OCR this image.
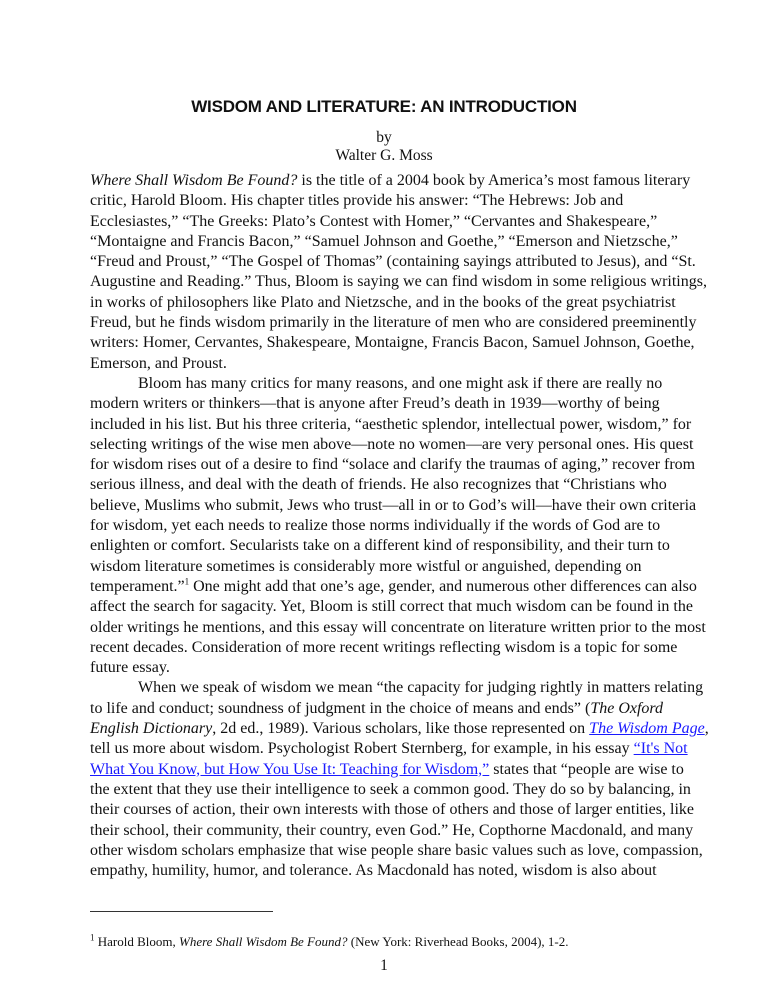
WISDOM AND LITERATURE: AN INTRODUCTION
by
Walter G. Moss
Where Shall Wisdom Be Found? is the title of a 2004 book by America’s most famous literary
critic, Harold Bloom. His chapter titles provide his answer: “The Hebrews: Job and
Ecclesiastes,” “The Greeks: Plato’s Contest with Homer,” “Cervantes and Shakespeare,”
“Montaigne and Francis Bacon,” “Samuel Johnson and Goethe,” “Emerson and Nietzsche,”
“Freud and Proust,” “The Gospel of Thomas” (containing sayings attributed to Jesus), and “St.
Augustine and Reading.” Thus, Bloom is saying we can find wisdom in some religious writings,
in works of philosophers like Plato and Nietzsche, and in the books of the great psychiatrist
Freud, but he finds wisdom primarily in the literature of men who are considered preeminently
writers: Homer, Cervantes, Shakespeare, Montaigne, Francis Bacon, Samuel Johnson, Goethe,
Emerson, and Proust.
Bloom has many critics for many reasons, and one might ask if there are really no
modern writers or thinkers—that is anyone after Freud’s death in 1939—worthy of being
included in his list. But his three criteria, “aesthetic splendor, intellectual power, wisdom,” for
selecting writings of the wise men above—note no women—are very personal ones. His quest
for wisdom rises out of a desire to find “solace and clarify the traumas of aging,” recover from
serious illness, and deal with the death of friends. He also recognizes that “Christians who
believe, Muslims who submit, Jews who trust—all in or to God’s will—have their own criteria
for wisdom, yet each needs to realize those norms individually if the words of God are to
enlighten or comfort. Secularists take on a different kind of responsibility, and their turn to
wisdom literature sometimes is considerably more wistful or anguished, depending on
temperament.”$^1$ One might add that one’s age, gender, and numerous other differences can also
affect the search for sagacity. Yet, Bloom is still correct that much wisdom can be found in the
older writings he mentions, and this essay will concentrate on literature written prior to the most
recent decades. Consideration of more recent writings reflecting wisdom is a topic for some
future essay.
When we speak of wisdom we mean “the capacity for judging rightly in matters relating
to life and conduct; soundness of judgment in the choice of means and ends” (The Oxford
English Dictionary, 2d ed., 1989). Various scholars, like those represented on The Wisdom Page,
tell us more about wisdom. Psychologist Robert Sternberg, for example, in his essay “It's Not
What You Know, but How You Use It: Teaching for Wisdom,” states that “people are wise to
the extent that they use their intelligence to seek a common good. They do so by balancing, in
their courses of action, their own interests with those of others and those of larger entities, like
their school, their community, their country, even God.” He, Copthorne Macdonald, and many
other wisdom scholars emphasize that wise people share basic values such as love, compassion,
empathy, humility, humor, and tolerance. As Macdonald has noted, wisdom is also about
$^1$ Harold Bloom, Where Shall Wisdom Be Found? (New York: Riverhead Books, 2004), 1-2.
1
